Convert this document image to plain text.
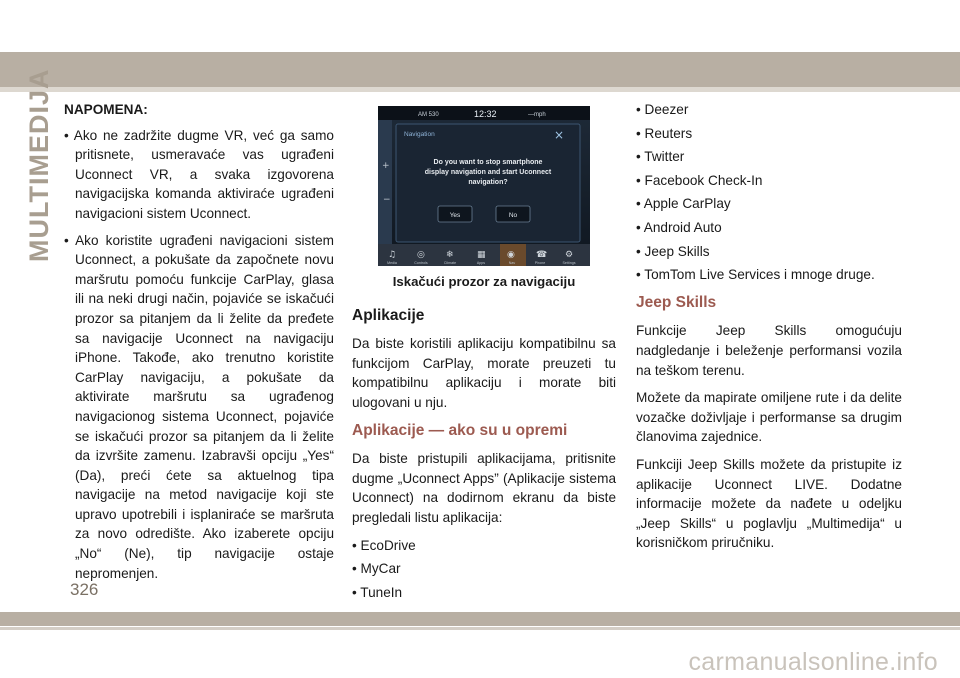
MULTIMEDIJA NAPOMENA:
• Ako ne zadržite dugme VR, već ga samo pritisnete, usmeravaće vas ugrađeni Uconnect VR, a svaka izgovorena navigacijska komanda aktiviraće ugrađeni navigacioni sistem Uconnect.
• Ako koristite ugrađeni navigacioni sistem Uconnect, a pokušate da započnete novu maršrutu pomoću funkcije CarPlay, glasa ili na neki drugi način, pojaviće se iskačući prozor sa pitanjem da li želite da pređete sa navigacije Uconnect na navigaciju iPhone. Takođe, ako trenutno koristite CarPlay navigaciju, a pokušate da aktivirate maršrutu sa ugrađenog navigacionog sistema Uconnect, pojaviće se iskačući prozor sa pitanjem da li želite da izvršite zamenu. Izabravši opciju „Yes“ (Da), preći ćete sa aktuelnog tipa navigacije na metod navigacije koji ste upravo upotrebili i isplaniraće se maršruta za novo odredište. Ako izaberete opciju „No“ (Ne), tip navigacije ostaje nepromenjen.
AM 530	12:32	—mph
+
−
Navigation	×
Do you want to stop smartphone
display navigation and start Uconnect
navigation?
Yes	No
♫ ◎ ❄	▦ ◉ ☎ ⚙
Media	Controls	Climate	Apps	Nav	Phone	Settings
Iskačući prozor za navigaciju
Aplikacije

Da biste koristili aplikaciju kompatibilnu sa funkcijom CarPlay, morate preuzeti tu kompatibilnu aplikaciju i morate biti ulogovani u nju.

Aplikacije — ako su u opremi

Da biste pristupili aplikacijama, pritisnite dugme „Uconnect Apps” (Aplikacije sistema Uconnect) na dodirnom ekranu da biste pregledali listu aplikacija:

• EcoDrive
• MyCar
• TuneIn
• Deezer
• Reuters
• Twitter
• Facebook Check-In
• Apple CarPlay
• Android Auto
• Jeep Skills
• TomTom Live Services i mnoge druge.
Jeep Skills

Funkcije Jeep Skills omogućuju nadgledanje i beleženje performansi vozila na teškom terenu.

Možete da mapirate omiljene rute i da delite vozačke doživljaje i performanse sa drugim članovima zajednice.

Funkciji Jeep Skills možete da pristupite iz aplikacije Uconnect LIVE. Dodatne informacije možete da nađete u odeljku „Jeep Skills“ u poglavlju „Multimedija“ u korisničkom priručniku.

326
carmanualsonline.info
